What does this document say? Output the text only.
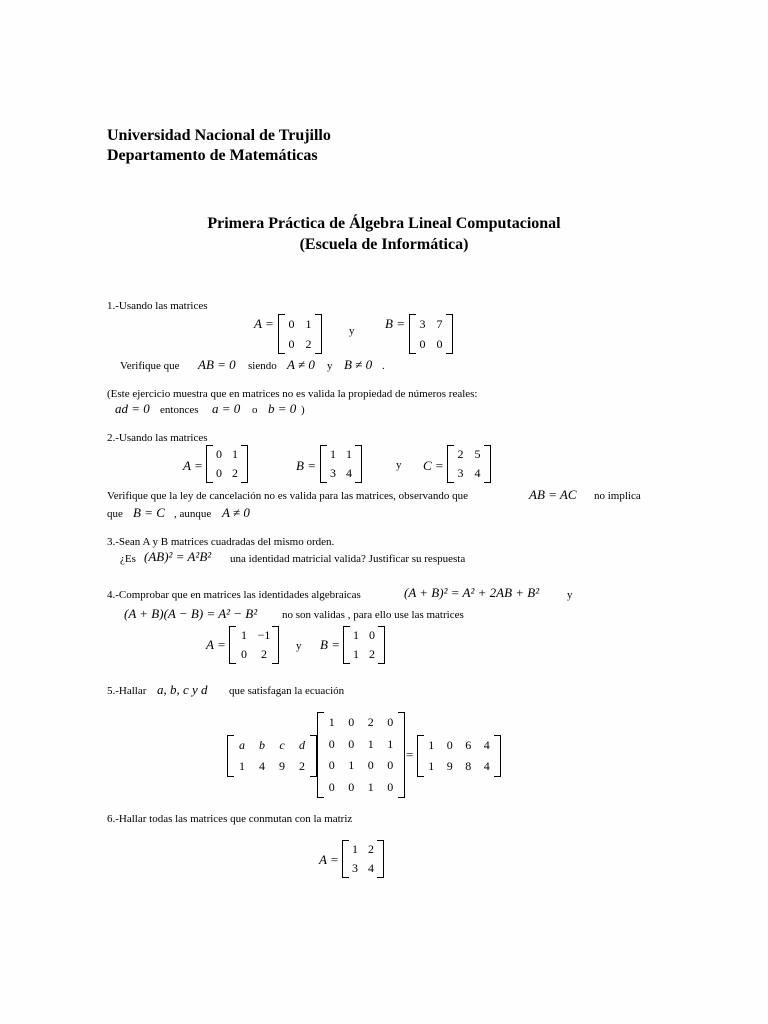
Universidad Nacional de Trujillo
Departamento de Matemáticas
Primera Práctica de Álgebra Lineal Computacional
(Escuela de Informática)
1.-Usando las matrices
A =	0 1
0 2
y B =	3 7
0 0
Verifique que AB = 0 siendo A ≠ 0 y B ≠ 0 .
(Este ejercicio muestra que en matrices no es valida la propiedad de números reales:
ad = 0 entonces a = 0 o b = 0 )
2.-Usando las matrices
A =
0 1
0 2	B =
1 1
3 4
y C =
2 5
3 4
Verifique que la ley de cancelación no es valida para las matrices, observando que	AB = AC no implica
que B = C , aunque A ≠ 0
3.-Sean A y B matrices cuadradas del mismo orden.
¿Es (AB)² = A²B² una identidad matricial valida? Justificar su respuesta
4.-Comprobar que en matrices las identidades algebraicas	(A + B)² = A² + 2AB + B²	y
(A + B)(A − B) = A² − B² no son validas , para ello use las matrices
A =
1 −1
0	2
y B =
1 0
1 2
5.-Hallar a, b, c y d que satisfagan la ecuación
a	b	c	d
1	4	9	2
1	0	2	0
0	0	1	1
0	1	0	0
0	0	1	0
=
1	0	6	4
1	9	8	4
6.-Hallar todas las matrices que conmutan con la matriz
A =
1 2
3 4
